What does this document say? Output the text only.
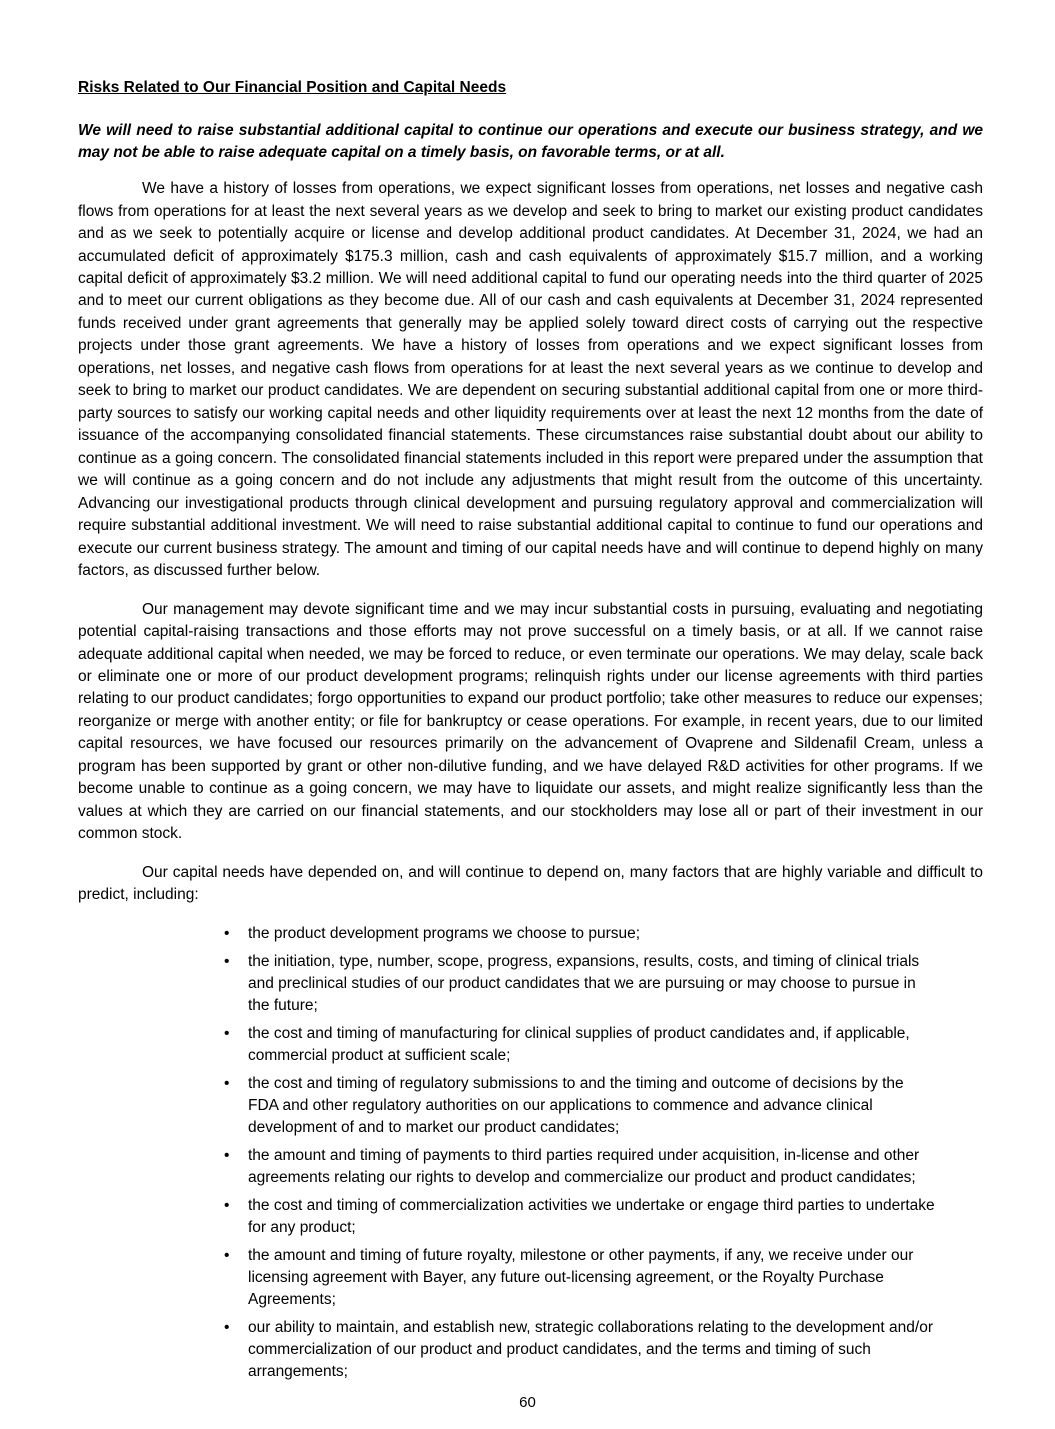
Risks Related to Our Financial Position and Capital Needs

We will need to raise substantial additional capital to continue our operations and execute our business strategy, and we may not be able to raise adequate capital on a timely basis, on favorable terms, or at all.

We have a history of losses from operations, we expect significant losses from operations, net losses and negative cash flows from operations for at least the next several years as we develop and seek to bring to market our existing product candidates and as we seek to potentially acquire or license and develop additional product candidates. At December 31, 2024, we had an accumulated deficit of approximately $175.3 million, cash and cash equivalents of approximately $15.7 million, and a working capital deficit of approximately $3.2 million. We will need additional capital to fund our operating needs into the third quarter of 2025 and to meet our current obligations as they become due. All of our cash and cash equivalents at December 31, 2024 represented funds received under grant agreements that generally may be applied solely toward direct costs of carrying out the respective projects under those grant agreements. We have a history of losses from operations and we expect significant losses from operations, net losses, and negative cash flows from operations for at least the next several years as we continue to develop and seek to bring to market our product candidates. We are dependent on securing substantial additional capital from one or more third-party sources to satisfy our working capital needs and other liquidity requirements over at least the next 12 months from the date of issuance of the accompanying consolidated financial statements. These circumstances raise substantial doubt about our ability to continue as a going concern. The consolidated financial statements included in this report were prepared under the assumption that we will continue as a going concern and do not include any adjustments that might result from the outcome of this uncertainty. Advancing our investigational products through clinical development and pursuing regulatory approval and commercialization will require substantial additional investment. We will need to raise substantial additional capital to continue to fund our operations and execute our current business strategy. The amount and timing of our capital needs have and will continue to depend highly on many factors, as discussed further below.

Our management may devote significant time and we may incur substantial costs in pursuing, evaluating and negotiating potential capital-raising transactions and those efforts may not prove successful on a timely basis, or at all. If we cannot raise adequate additional capital when needed, we may be forced to reduce, or even terminate our operations. We may delay, scale back or eliminate one or more of our product development programs; relinquish rights under our license agreements with third parties relating to our product candidates; forgo opportunities to expand our product portfolio; take other measures to reduce our expenses; reorganize or merge with another entity; or file for bankruptcy or cease operations. For example, in recent years, due to our limited capital resources, we have focused our resources primarily on the advancement of Ovaprene and Sildenafil Cream, unless a program has been supported by grant or other non-dilutive funding, and we have delayed R&D activities for other programs. If we become unable to continue as a going concern, we may have to liquidate our assets, and might realize significantly less than the values at which they are carried on our financial statements, and our stockholders may lose all or part of their investment in our common stock.

Our capital needs have depended on, and will continue to depend on, many factors that are highly variable and difficult to predict, including:

• the product development programs we choose to pursue;
• the initiation, type, number, scope, progress, expansions, results, costs, and timing of clinical trials and preclinical studies of our product candidates that we are pursuing or may choose to pursue in the future;
• the cost and timing of manufacturing for clinical supplies of product candidates and, if applicable, commercial product at sufficient scale;
• the cost and timing of regulatory submissions to and the timing and outcome of decisions by the FDA and other regulatory authorities on our applications to commence and advance clinical development of and to market our product candidates;
• the amount and timing of payments to third parties required under acquisition, in-license and other agreements relating our rights to develop and commercialize our product and product candidates;
• the cost and timing of commercialization activities we undertake or engage third parties to undertake for any product;
• the amount and timing of future royalty, milestone or other payments, if any, we receive under our licensing agreement with Bayer, any future out-licensing agreement, or the Royalty Purchase Agreements;
• our ability to maintain, and establish new, strategic collaborations relating to the development and/or commercialization of our product and product candidates, and the terms and timing of such arrangements;
60
